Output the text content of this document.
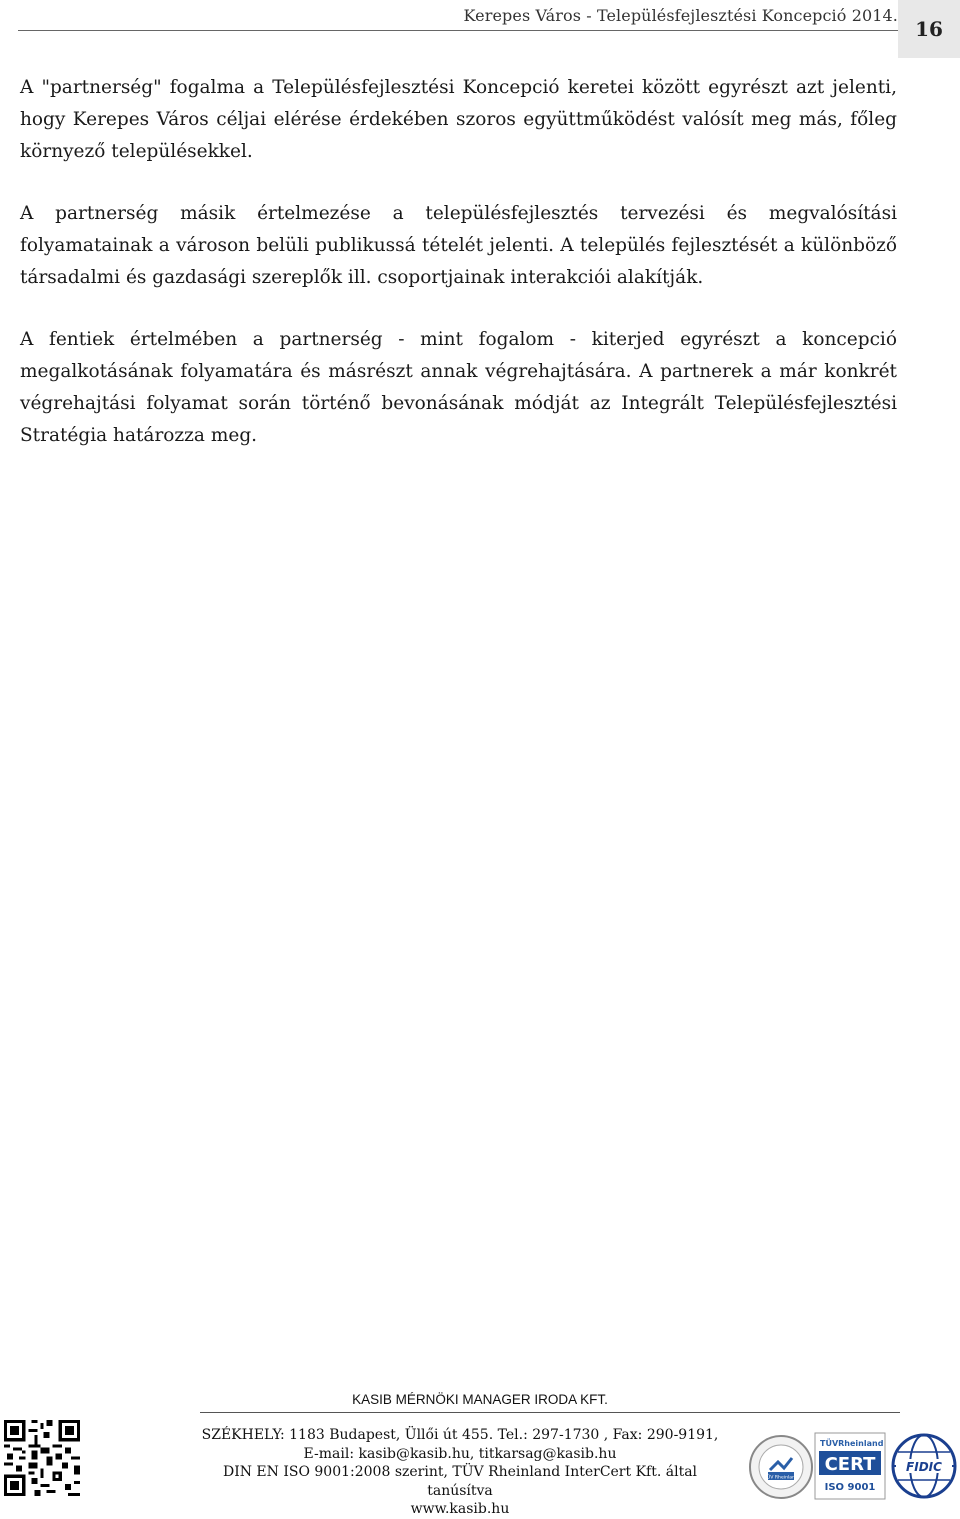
Kerepes Város - Településfejlesztési Koncepció 2014.
16

A "partnerség" fogalma a Településfejlesztési Koncepció keretei között egyrészt azt jelenti, hogy Kerepes Város céljai elérése érdekében szoros együttműködést valósít meg más, főleg környező településekkel.

A partnerség másik értelmezése a településfejlesztés tervezési és megvalósítási folyamatainak a városon belüli publikussá tételét jelenti. A település fejlesztését a különböző társadalmi és gazdasági szereplők ill. csoportjainak interakciói alakítják.

A fentiek értelmében a partnerség - mint fogalom - kiterjed egyrészt a koncepció megalkotásának folyamatára és másrészt annak végrehajtására. A partnerek a már konkrét végrehajtási folyamat során történő bevonásának módját az Integrált Településfejlesztési Stratégia határozza meg.

KASIB MÉRNÖKI MANAGER IRODA KFT.
SZÉKHELY: 1183 Budapest, Üllői út 455. Tel.: 297-1730 , Fax: 290-9191,
E-mail: kasib@kasib.hu, titkarsag@kasib.hu
DIN EN ISO 9001:2008 szerint, TÜV Rheinland InterCert Kft. által tanúsítva
www.kasib.hu
TÜV Rheinland
TÜVRheinland
CERT
ISO 9001
FIDIC
